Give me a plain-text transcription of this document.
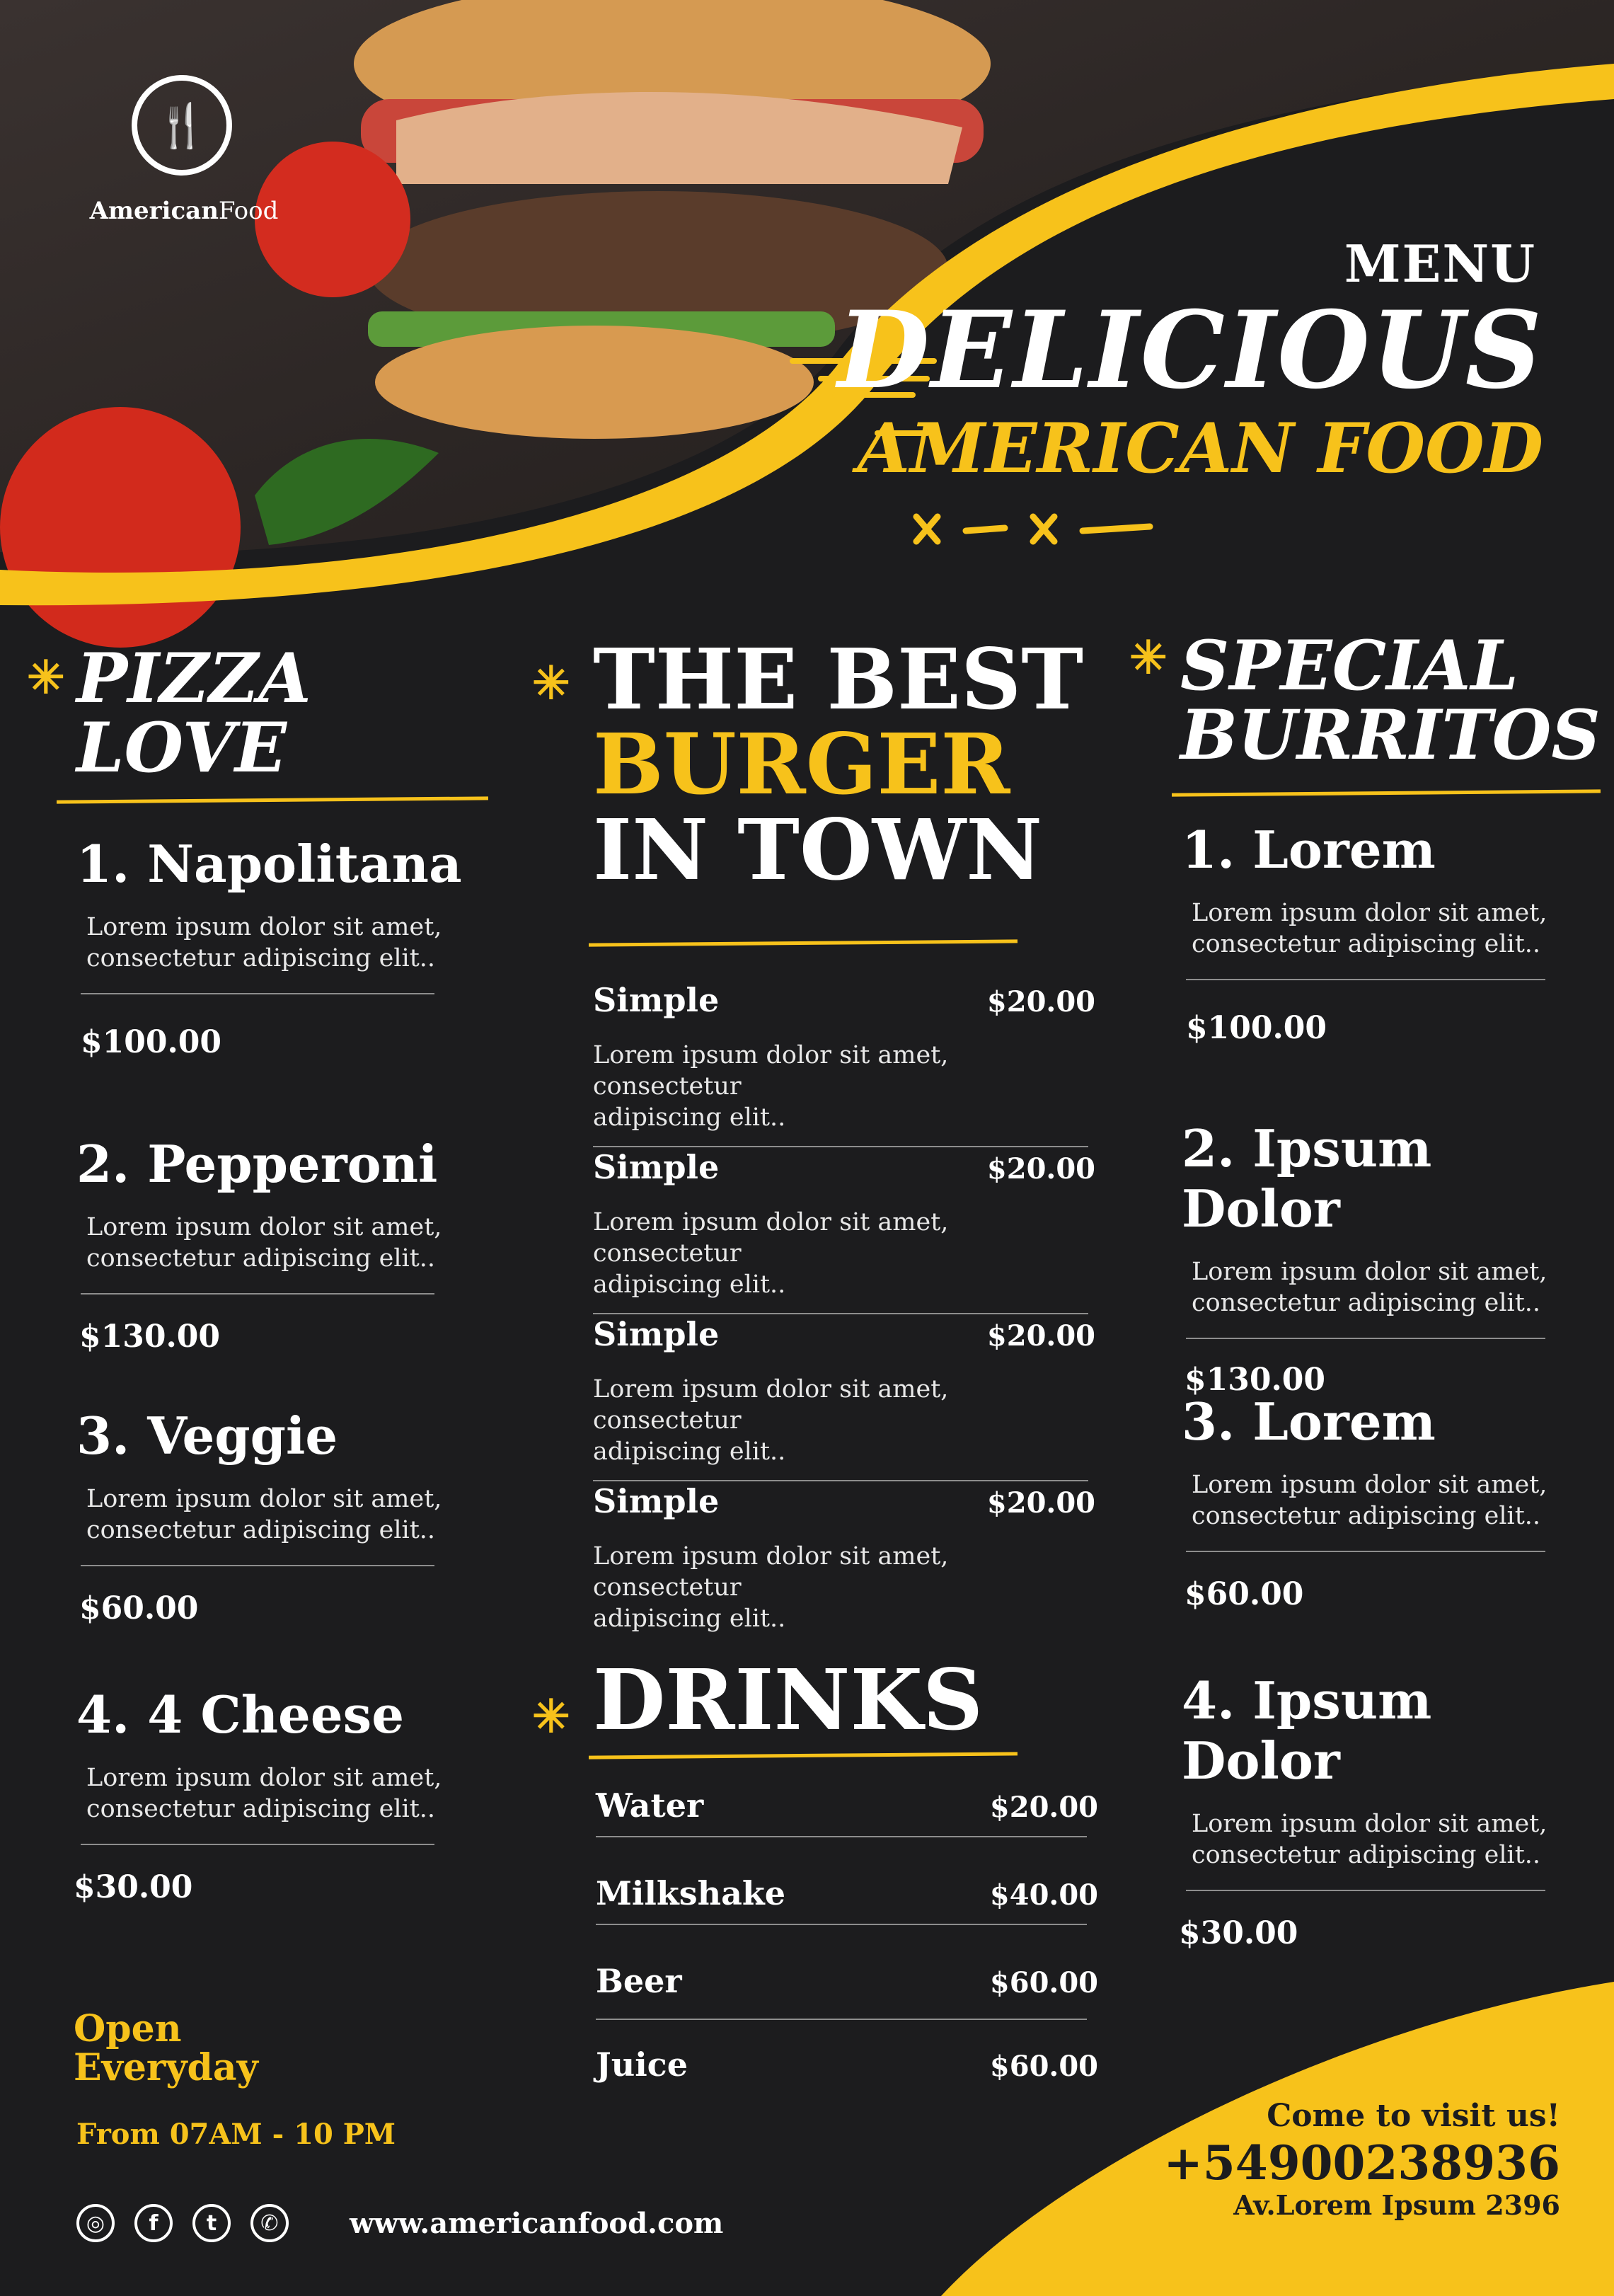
🍴
AmericanFood
MENU
DELICIOUS
AMERICAN FOOD
✳ PIZZA
LOVE
1. Napolitana
Lorem ipsum dolor sit amet,
consectetur adipiscing elit..
$100.00
2. Pepperoni
Lorem ipsum dolor sit amet,
consectetur adipiscing elit..
$130.00
3. Veggie
Lorem ipsum dolor sit amet,
consectetur adipiscing elit..
$60.00
4. 4 Cheese
Lorem ipsum dolor sit amet,
consectetur adipiscing elit..
$30.00
Open
Everyday
From 07AM - 10 PM
✳ THE BEST
BURGER
IN TOWN
Simple	$20.00
Lorem ipsum dolor sit amet, consectetur
adipiscing elit..
Simple	$20.00
Lorem ipsum dolor sit amet, consectetur
adipiscing elit..
Simple	$20.00
Lorem ipsum dolor sit amet, consectetur
adipiscing elit..
Simple	$20.00
Lorem ipsum dolor sit amet, consectetur
adipiscing elit..
✳ DRINKS
Water	$20.00
Milkshake	$40.00
Beer	$60.00
Juice	$60.00
✳ SPECIAL
BURRITOS
1. Lorem
Lorem ipsum dolor sit amet,
consectetur adipiscing elit..
$100.00
2. Ipsum Dolor
Lorem ipsum dolor sit amet,
consectetur adipiscing elit..
$130.00
3. Lorem
Lorem ipsum dolor sit amet,
consectetur adipiscing elit..
$60.00
4. Ipsum Dolor
Lorem ipsum dolor sit amet,
consectetur adipiscing elit..
$30.00
◎	f	t	✆	www.americanfood.com
Come to visit us!
+54900238936
Av.Lorem Ipsum 2396
